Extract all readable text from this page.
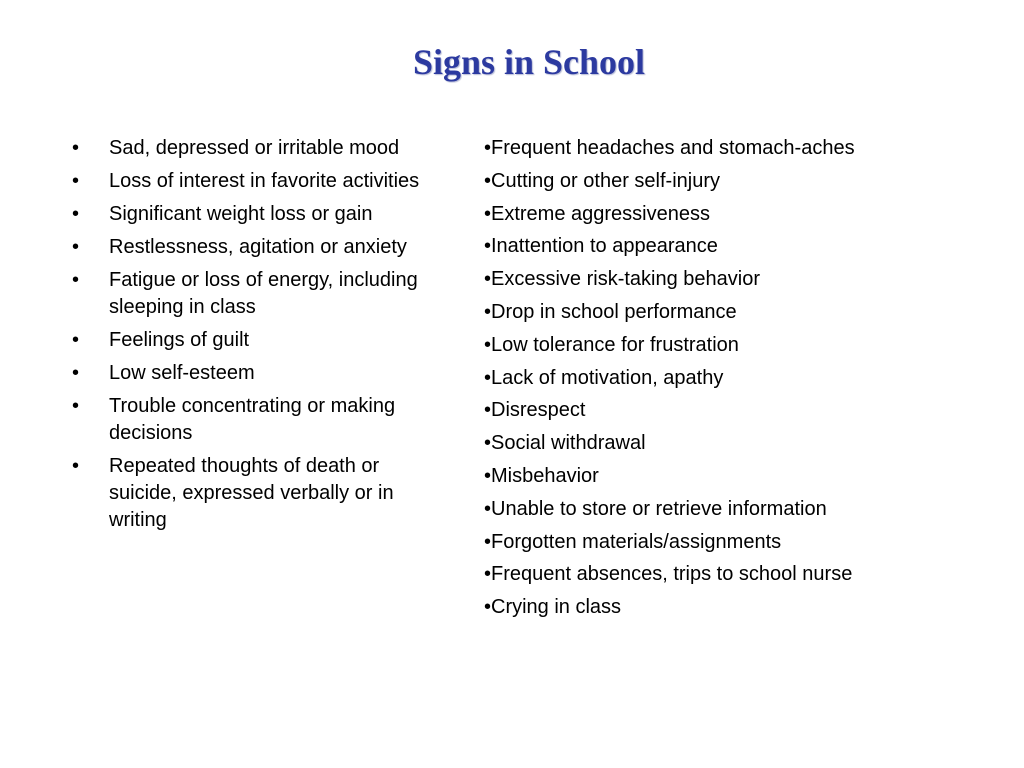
Signs in School
• Sad, depressed or irritable mood
• Loss of interest in favorite activities
• Significant weight loss or gain
• Restlessness, agitation or anxiety
• Fatigue or loss of energy, including sleeping in class
• Feelings of guilt
• Low self-esteem
• Trouble concentrating or making decisions
• Repeated thoughts of death or suicide, expressed verbally or in writing
•Frequent headaches and stomach-aches
•Cutting or other self-injury
•Extreme aggressiveness
•Inattention to appearance
•Excessive risk-taking behavior
•Drop in school performance
•Low tolerance for frustration
•Lack of motivation, apathy
•Disrespect
•Social withdrawal
•Misbehavior
•Unable to store or retrieve information
•Forgotten materials/assignments
•Frequent absences, trips to school nurse
•Crying in class
